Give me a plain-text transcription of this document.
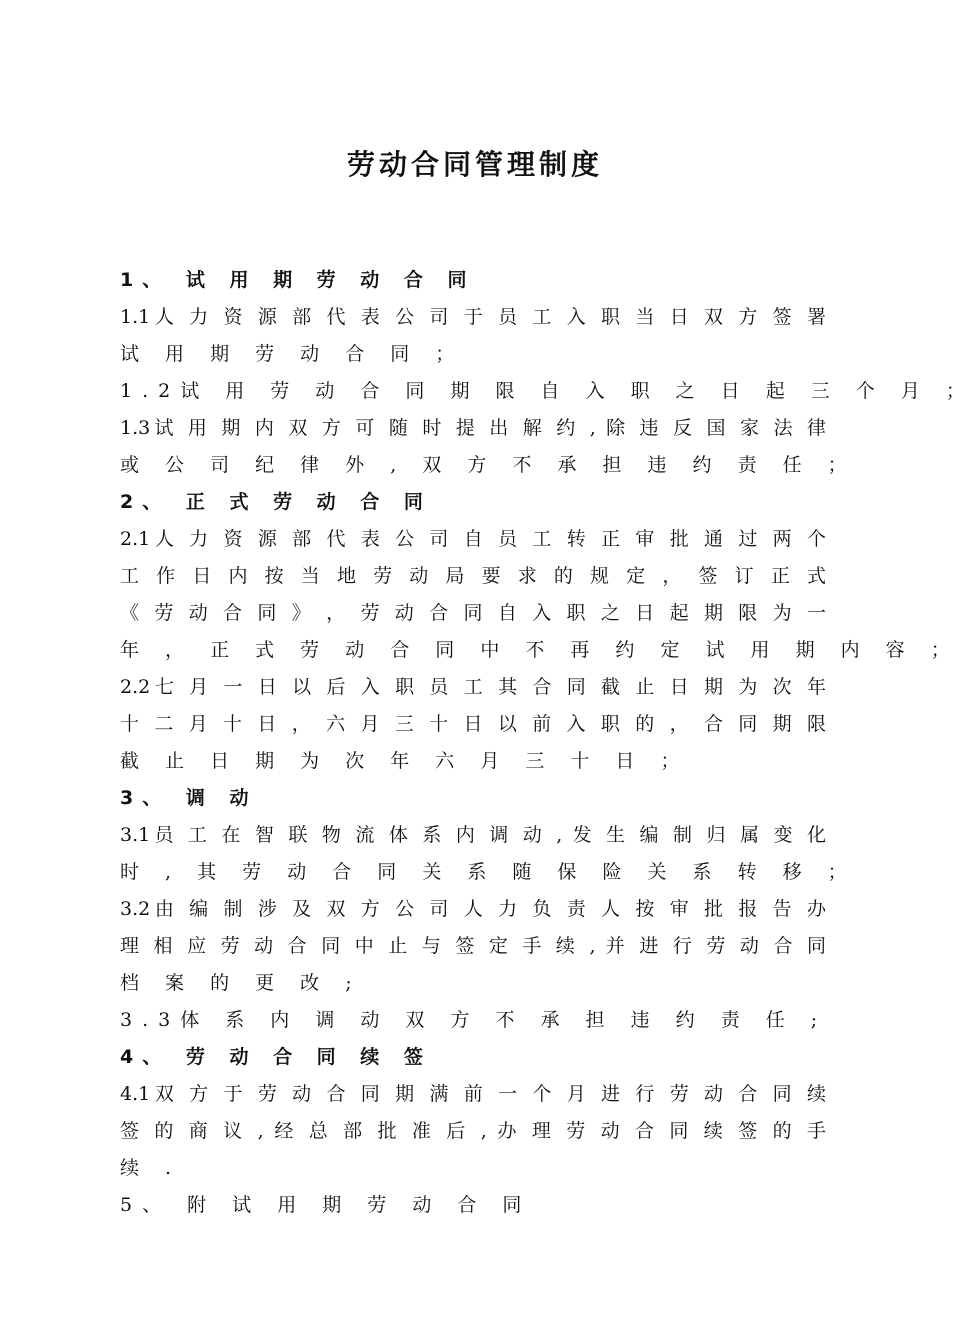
劳动合同管理制度
1、 试 用 期 劳 动 合 同
1.1人 力 资 源 部 代 表 公 司 于 员 工 入 职 当 日 双 方 签 署
试 用 期 劳 动 合 同 ；
1.2试 用 劳 动 合 同 期 限 自 入 职 之 日 起 三 个 月 ；
1.3试 用 期 内 双 方 可 随 时 提 出 解 约 , 除 违 反 国 家 法 律
或 公 司 纪 律 外 , 双 方 不 承 担 违 约 责 任 ；
2、 正 式 劳 动 合 同
2.1人 力 资 源 部 代 表 公 司 自 员 工 转 正 审 批 通 过 两 个
工 作 日 内 按 当 地 劳 动 局 要 求 的 规 定 ， 签 订 正 式
《 劳 动 合 同 》 ， 劳 动 合 同 自 入 职 之 日 起 期 限 为 一
年 ， 正 式 劳 动 合 同 中 不 再 约 定 试 用 期 内 容 ；
2.2七 月 一 日 以 后 入 职 员 工 其 合 同 截 止 日 期 为 次 年
十 二 月 十 日 ， 六 月 三 十 日 以 前 入 职 的 ， 合 同 期 限
截 止 日 期 为 次 年 六 月 三 十 日 ；
3、 调 动
3.1员 工 在 智 联 物 流 体 系 内 调 动 , 发 生 编 制 归 属 变 化
时 , 其 劳 动 合 同 关 系 随 保 险 关 系 转 移 ；
3.2由 编 制 涉 及 双 方 公 司 人 力 负 责 人 按 审 批 报 告 办
理 相 应 劳 动 合 同 中 止 与 签 定 手 续 , 并 进 行 劳 动 合 同
档 案 的 更 改 ;
3.3体 系 内 调 动 双 方 不 承 担 违 约 责 任 ;
4、 劳 动 合 同 续 签
4.1双 方 于 劳 动 合 同 期 满 前 一 个 月 进 行 劳 动 合 同 续
签 的 商 议 , 经 总 部 批 准 后 , 办 理 劳 动 合 同 续 签 的 手
续 .
5、 附 试 用 期 劳 动 合 同
